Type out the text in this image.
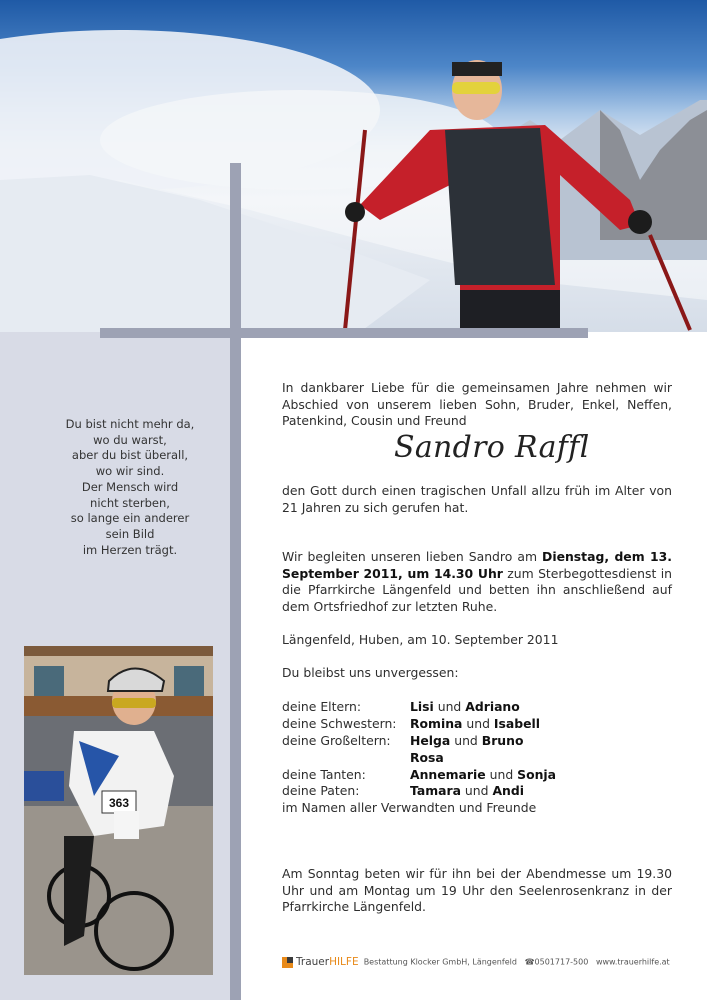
Du bist nicht mehr da,
wo du warst,
aber du bist überall,
wo wir sind.
Der Mensch wird
nicht sterben,
so lange ein anderer
sein Bild
im Herzen trägt.
363
In dankbarer Liebe für die gemeinsamen Jahre nehmen wir Abschied von unserem lieben Sohn, Bruder, Enkel, Neffen, Patenkind, Cousin und Freund
Sandro Raffl
den Gott durch einen tragischen Unfall allzu früh im Alter von 21 Jahren zu sich gerufen hat.
Wir begleiten unseren lieben Sandro am Dienstag, dem 13. September 2011, um 14.30 Uhr zum Sterbegottesdienst in die Pfarrkirche Längenfeld und betten ihn anschließend auf dem Ortsfriedhof zur letzten Ruhe.
Längenfeld, Huben, am 10. September 2011
Du bleibst uns unvergessen:
deine Eltern:	Lisi und Adriano
deine Schwestern: Romina und Isabell
deine Großeltern: Helga und Bruno
Rosa
deine Tanten:	Annemarie und Sonja
deine Paten:	Tamara und Andi
im Namen aller Verwandten und Freunde
Am Sonntag beten wir für ihn bei der Abendmesse um 19.30 Uhr und am Montag um 19 Uhr den Seelenrosenkranz in der Pfarrkirche Längenfeld.
TrauerHILFE Bestattung Klocker GmbH, Längenfeld ☎0501717-500 www.trauerhilfe.at
